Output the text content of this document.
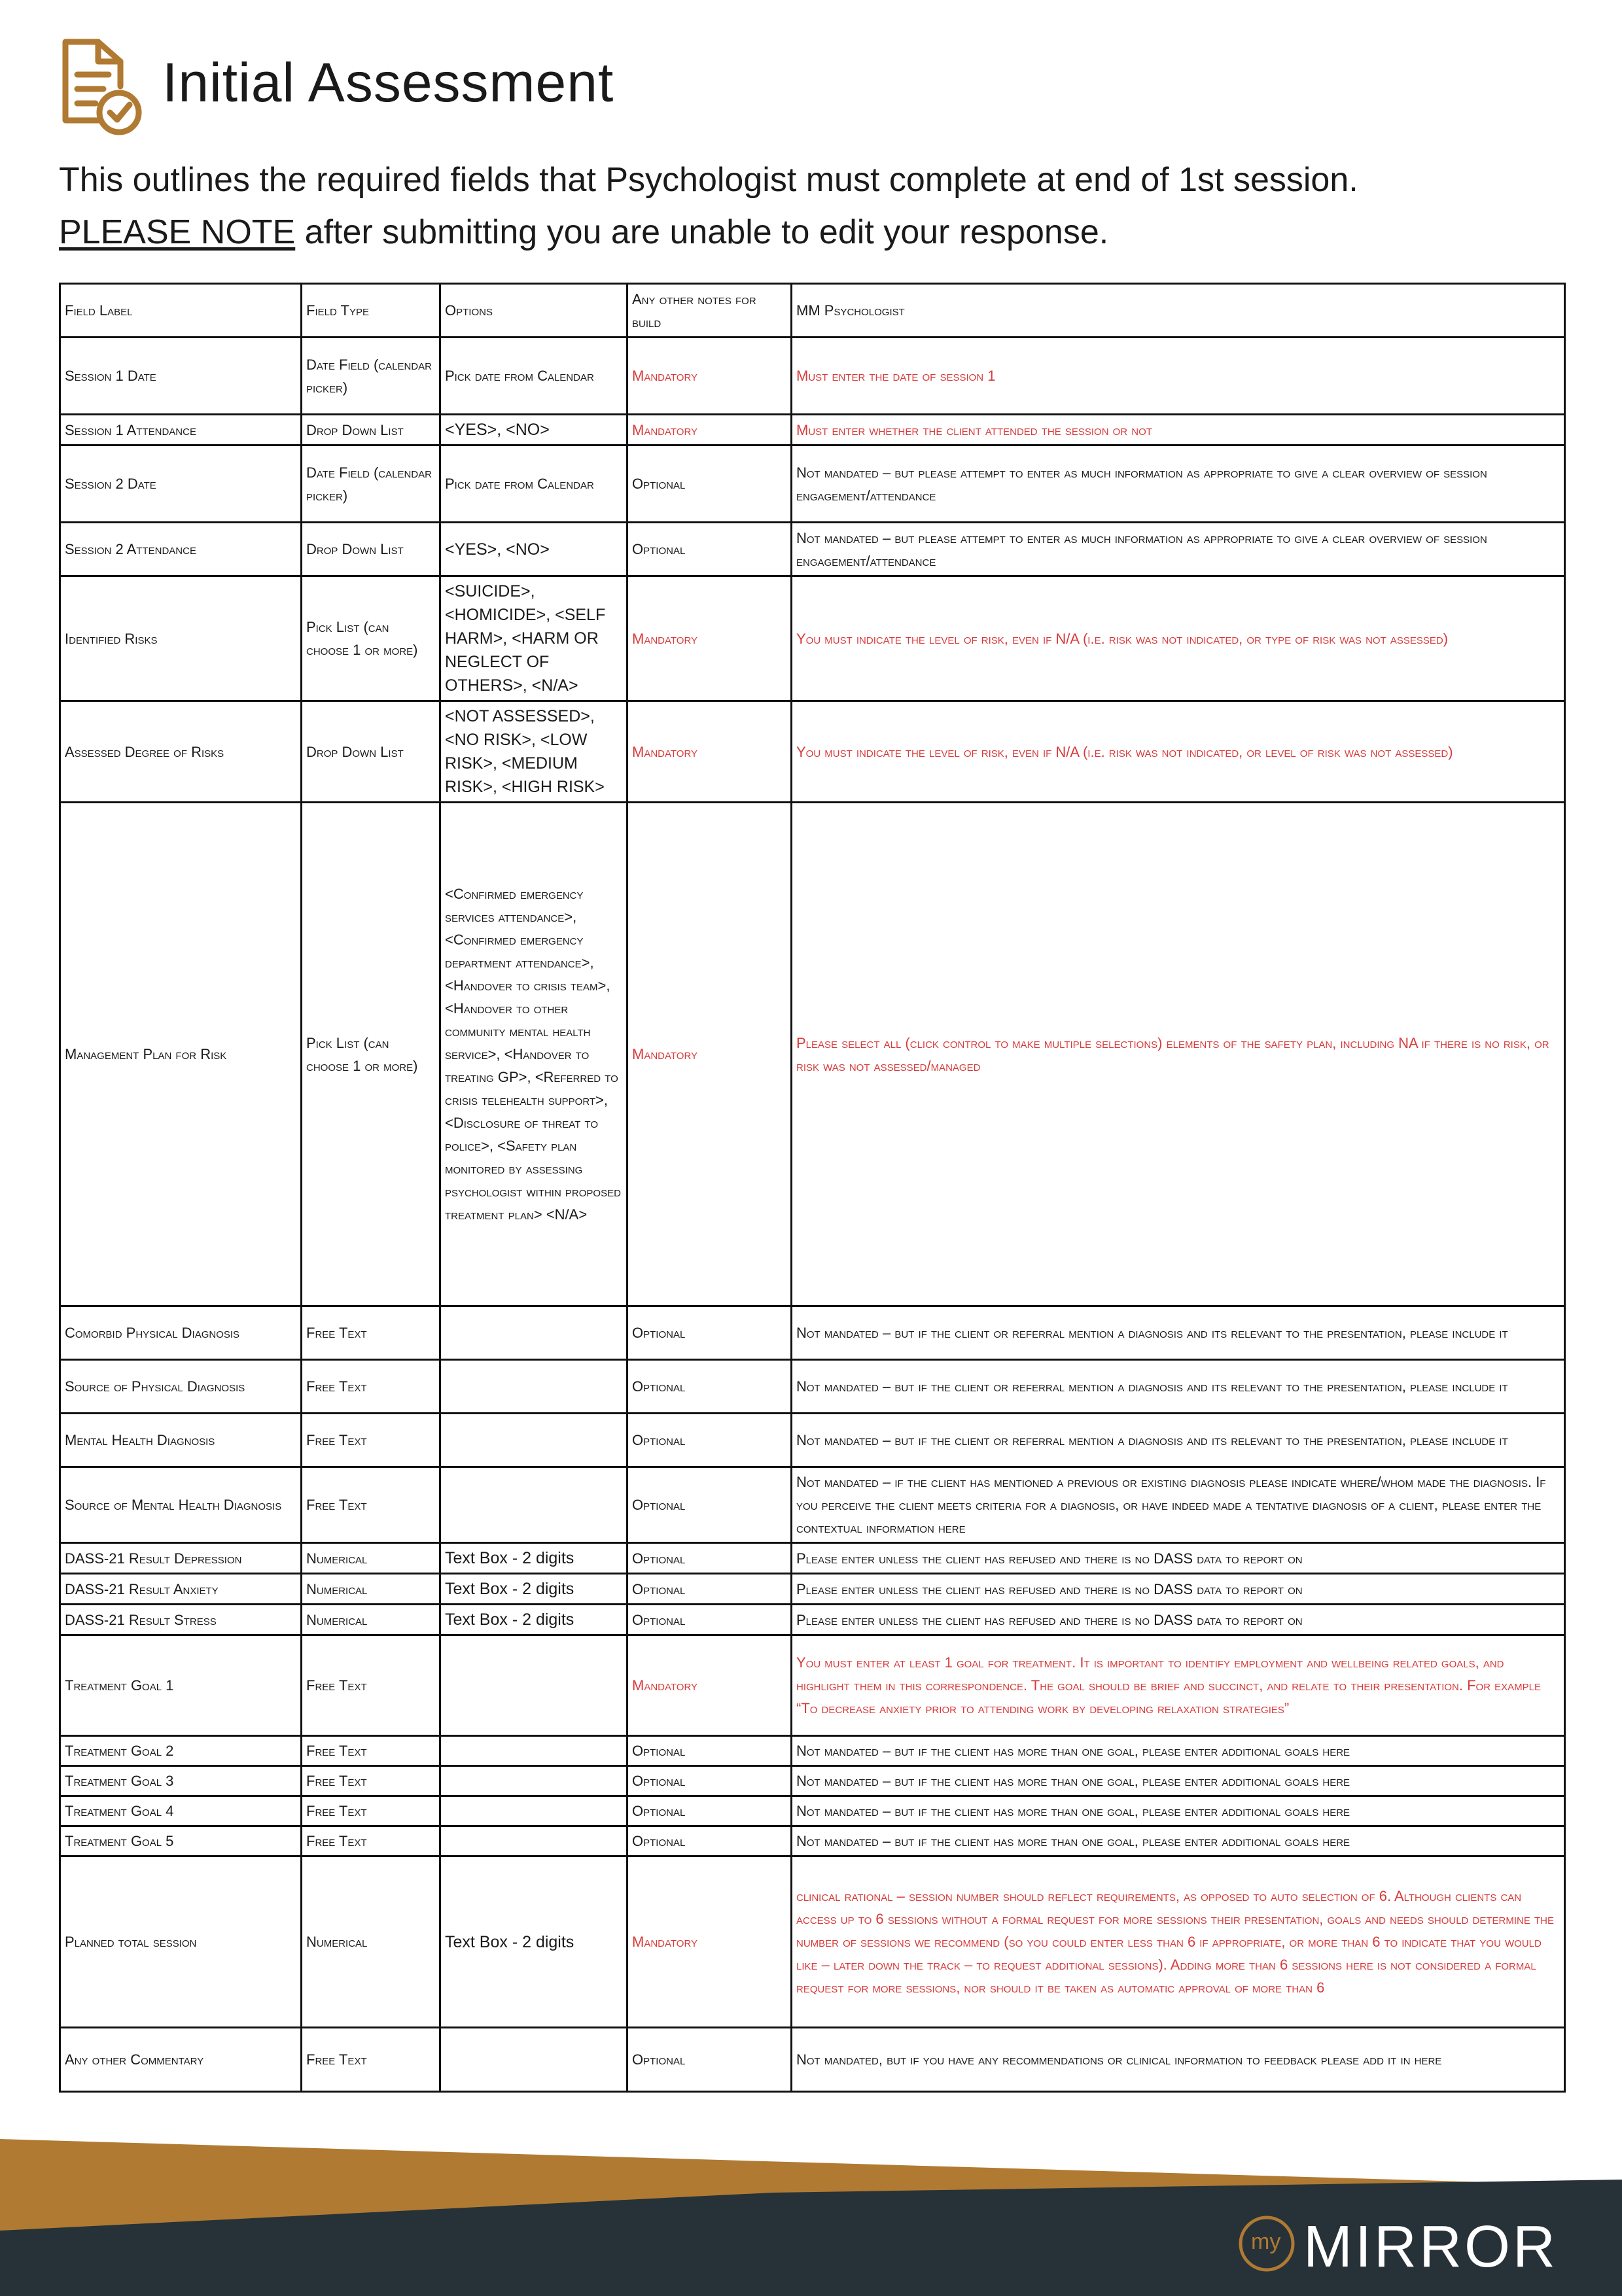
Initial Assessment
This outlines the required fields that Psychologist must complete at end of 1st session.
PLEASE NOTE after submitting you are unable to edit your response.
Field Label	Field Type	Options	Any other notes for build	MM Psychologist
Session 1 Date	Date Field (calendar picker)	Pick date from Calendar	Mandatory	Must enter the date of session 1
Session 1 Attendance	Drop Down List	<YES>, <NO>	Mandatory	Must enter whether the client attended the session or not
Session 2 Date	Date Field (calendar picker)	Pick date from Calendar	Optional	Not mandated – but please attempt to enter as much information as appropriate to give a clear overview of session engagement/attendance
Session 2 Attendance	Drop Down List	<YES>, <NO>	Optional	Not mandated – but please attempt to enter as much information as appropriate to give a clear overview of session engagement/attendance
Identified Risks	Pick List (can choose 1 or more)	<SUICIDE>, <HOMICIDE>, <SELF HARM>, <HARM OR NEGLECT OF OTHERS>, <N/A>	Mandatory	You must indicate the level of risk, even if N/A (i.e. risk was not indicated, or type of risk was not assessed)
Assessed Degree of Risks	Drop Down List	<NOT ASSESSED>, <NO RISK>, <LOW RISK>, <MEDIUM RISK>, <HIGH RISK>	Mandatory	You must indicate the level of risk, even if N/A (i.e. risk was not indicated, or level of risk was not assessed)
Management Plan for Risk	Pick List (can choose 1 or more)	<Confirmed emergency services attendance>, <Confirmed emergency department attendance>, <Handover to crisis team>, <Handover to other community mental health service>, <Handover to treating GP>, <Referred to crisis telehealth support>, <Disclosure of threat to police>, <Safety plan monitored by assessing psychologist within proposed treatment plan> <N/A>	Mandatory	Please select all (click control to make multiple selections) elements of the safety plan, including NA if there is no risk, or risk was not assessed/managed
Comorbid Physical Diagnosis	Free Text		Optional	Not mandated – but if the client or referral mention a diagnosis and its relevant to the presentation, please include it
Source of Physical Diagnosis	Free Text		Optional	Not mandated – but if the client or referral mention a diagnosis and its relevant to the presentation, please include it
Mental Health Diagnosis	Free Text		Optional	Not mandated – but if the client or referral mention a diagnosis and its relevant to the presentation, please include it
Source of Mental Health Diagnosis	Free Text		Optional	Not mandated – if the client has mentioned a previous or existing diagnosis please indicate where/whom made the diagnosis. If you perceive the client meets criteria for a diagnosis, or have indeed made a tentative diagnosis of a client, please enter the contextual information here
DASS-21 Result Depression	Numerical	Text Box - 2 digits	Optional	Please enter unless the client has refused and there is no DASS data to report on
DASS-21 Result Anxiety	Numerical	Text Box - 2 digits	Optional	Please enter unless the client has refused and there is no DASS data to report on
DASS-21 Result Stress	Numerical	Text Box - 2 digits	Optional	Please enter unless the client has refused and there is no DASS data to report on
Treatment Goal 1	Free Text		Mandatory	You must enter at least 1 goal for treatment. It is important to identify employment and wellbeing related goals, and highlight them in this correspondence. The goal should be brief and succinct, and relate to their presentation. For example “To decrease anxiety prior to attending work by developing relaxation strategies”
Treatment Goal 2	Free Text		Optional	Not mandated – but if the client has more than one goal, please enter additional goals here
Treatment Goal 3	Free Text		Optional	Not mandated – but if the client has more than one goal, please enter additional goals here
Treatment Goal 4	Free Text		Optional	Not mandated – but if the client has more than one goal, please enter additional goals here
Treatment Goal 5	Free Text		Optional	Not mandated – but if the client has more than one goal, please enter additional goals here
Planned total session	Numerical	Text Box - 2 digits	Mandatory	clinical rational – session number should reflect requirements, as opposed to auto selection of 6. Although clients can access up to 6 sessions without a formal request for more sessions their presentation, goals and needs should determine the number of sessions we recommend (so you could enter less than 6 if appropriate, or more than 6 to indicate that you would like – later down the track – to request additional sessions). Adding more than 6 sessions here is not considered a formal request for more sessions, nor should it be taken as automatic approval of more than 6
Any other Commentary	Free Text		Optional	Not mandated, but if you have any recommendations or clinical information to feedback please add it in here
my MIRROR
